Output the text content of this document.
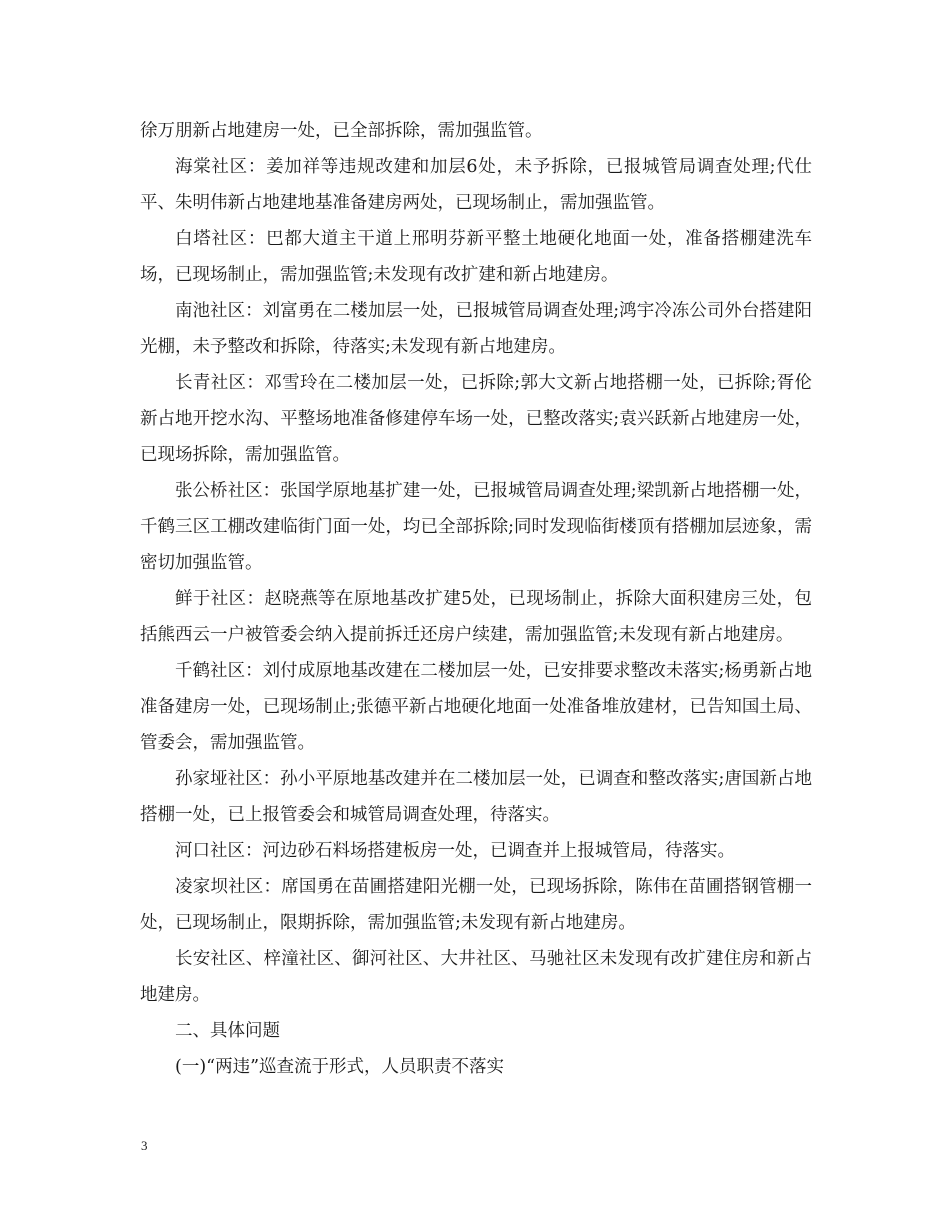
徐万朋新占地建房一处，已全部拆除，需加强监管。

海棠社区：姜加祥等违规改建和加层6处，未予拆除，已报城管局调查处理;代仕平、朱明伟新占地建地基准备建房两处，已现场制止，需加强监管。

白塔社区：巴都大道主干道上邢明芬新平整土地硬化地面一处，准备搭棚建洗车场，已现场制止，需加强监管;未发现有改扩建和新占地建房。

南池社区：刘富勇在二楼加层一处，已报城管局调查处理;鸿宇冷冻公司外台搭建阳光棚，未予整改和拆除，待落实;未发现有新占地建房。

长青社区：邓雪玲在二楼加层一处，已拆除;郭大文新占地搭棚一处，已拆除;胥伦新占地开挖水沟、平整场地准备修建停车场一处，已整改落实;袁兴跃新占地建房一处，已现场拆除，需加强监管。

张公桥社区：张国学原地基扩建一处，已报城管局调查处理;梁凯新占地搭棚一处，千鹤三区工棚改建临街门面一处，均已全部拆除;同时发现临街楼顶有搭棚加层迹象，需密切加强监管。

鲜于社区：赵晓燕等在原地基改扩建5处，已现场制止，拆除大面积建房三处，包括熊西云一户被管委会纳入提前拆迁还房户续建，需加强监管;未发现有新占地建房。

千鹤社区：刘付成原地基改建在二楼加层一处，已安排要求整改未落实;杨勇新占地准备建房一处，已现场制止;张德平新占地硬化地面一处准备堆放建材，已告知国土局、管委会，需加强监管。

孙家垭社区：孙小平原地基改建并在二楼加层一处，已调查和整改落实;唐国新占地搭棚一处，已上报管委会和城管局调查处理，待落实。

河口社区：河边砂石料场搭建板房一处，已调查并上报城管局，待落实。

凌家坝社区：席国勇在苗圃搭建阳光棚一处，已现场拆除，陈伟在苗圃搭钢管棚一处，已现场制止，限期拆除，需加强监管;未发现有新占地建房。

长安社区、梓潼社区、御河社区、大井社区、马驰社区未发现有改扩建住房和新占地建房。

二、具体问题

(一)“两违”巡查流于形式，人员职责不落实

3
